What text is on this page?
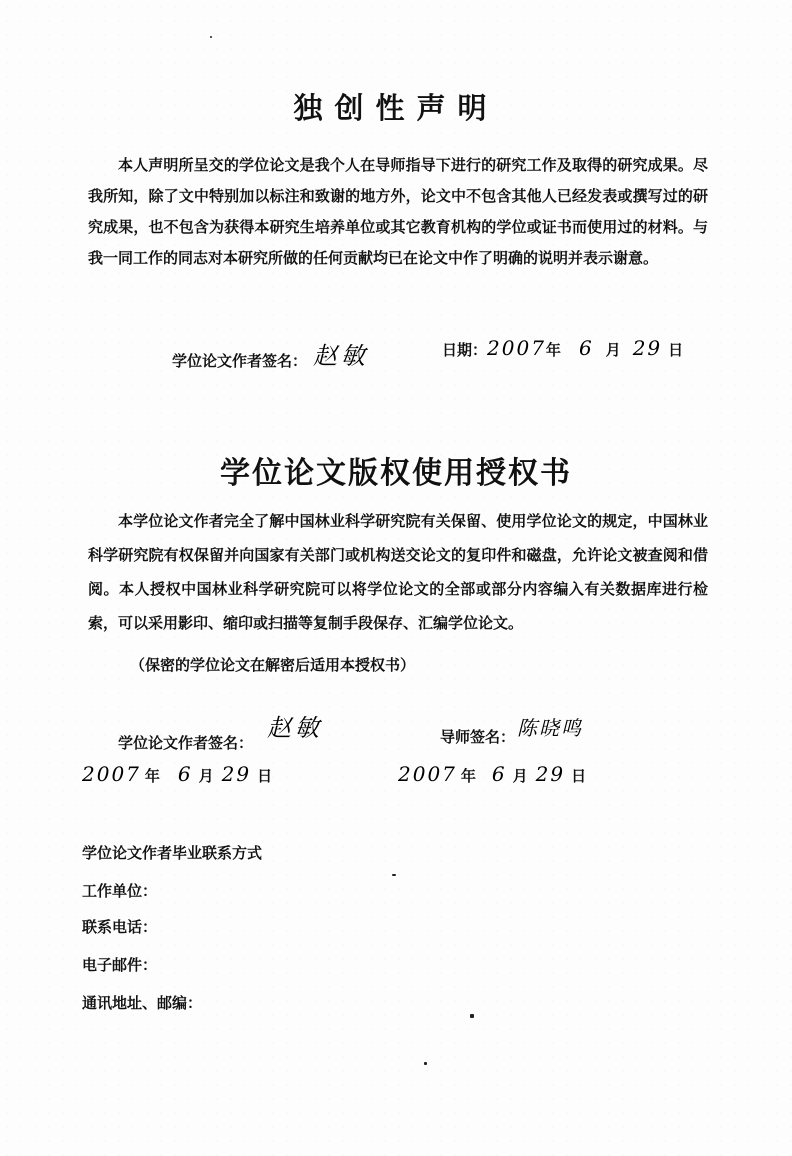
独创性声明
本人声明所呈交的学位论文是我个人在导师指导下进行的研究工作及取得的研究成果。尽我所知，除了文中特别加以标注和致谢的地方外，论文中不包含其他人已经发表或撰写过的研究成果，也不包含为获得本研究生培养单位或其它教育机构的学位或证书而使用过的材料。与我一同工作的同志对本研究所做的任何贡献均已在论文中作了明确的说明并表示谢意。
学位论文作者签名： 赵敏	日期： 2007 年 6 月 29 日
学位论文版权使用授权书
本学位论文作者完全了解中国林业科学研究院有关保留、使用学位论文的规定，中国林业科学研究院有权保留并向国家有关部门或机构送交论文的复印件和磁盘，允许论文被查阅和借阅。本人授权中国林业科学研究院可以将学位论文的全部或部分内容编入有关数据库进行检索，可以采用影印、缩印或扫描等复制手段保存、汇编学位论文。
（保密的学位论文在解密后适用本授权书）
学位论文作者签名：
赵敏	导师签名： 陈晓鸣
2007 年 6 月 29 日	2007 年 6 月 29 日
学位论文作者毕业联系方式
工作单位：
联系电话：
电子邮件：
通讯地址、邮编：
